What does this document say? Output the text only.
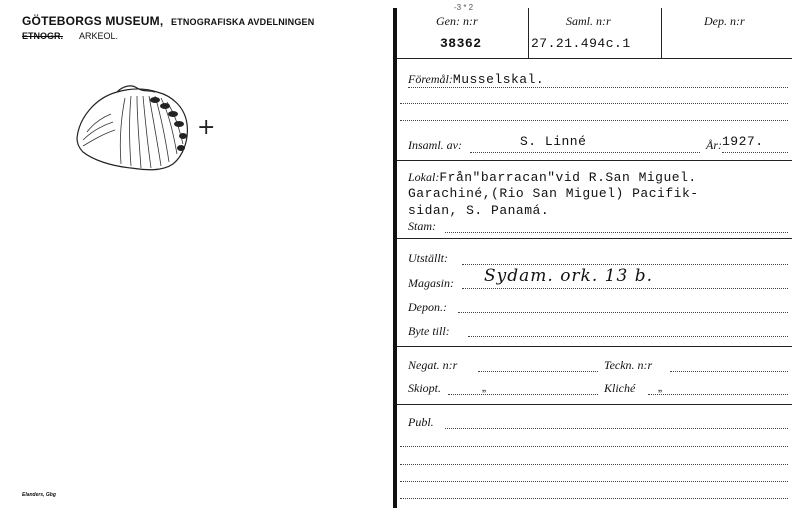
GÖTEBORGS MUSEUM, ETNOGRAFISKA AVDELNINGEN
ETNOGR. ARKEOL.
+
Elanders, Gbg
Gen: n:r
-3 * 2
38362
Saml. n:r
27.21.494c.1
Dep. n:r
Föremål:Musselskal.
Insaml. av:	S. Linné	År: 1927.
Lokal:Från"barracan"vid R.San Miguel.
Garachiné,(Rio San Miguel) Pacifik-
sidan, S. Panamá.
Stam:
Utställt:
Magasin: Sydam. ork. 13 b.
Depon.:
Byte till:
Negat. n:r	Teckn. n:r
Skiopt.	„	Kliché „
Publ.
